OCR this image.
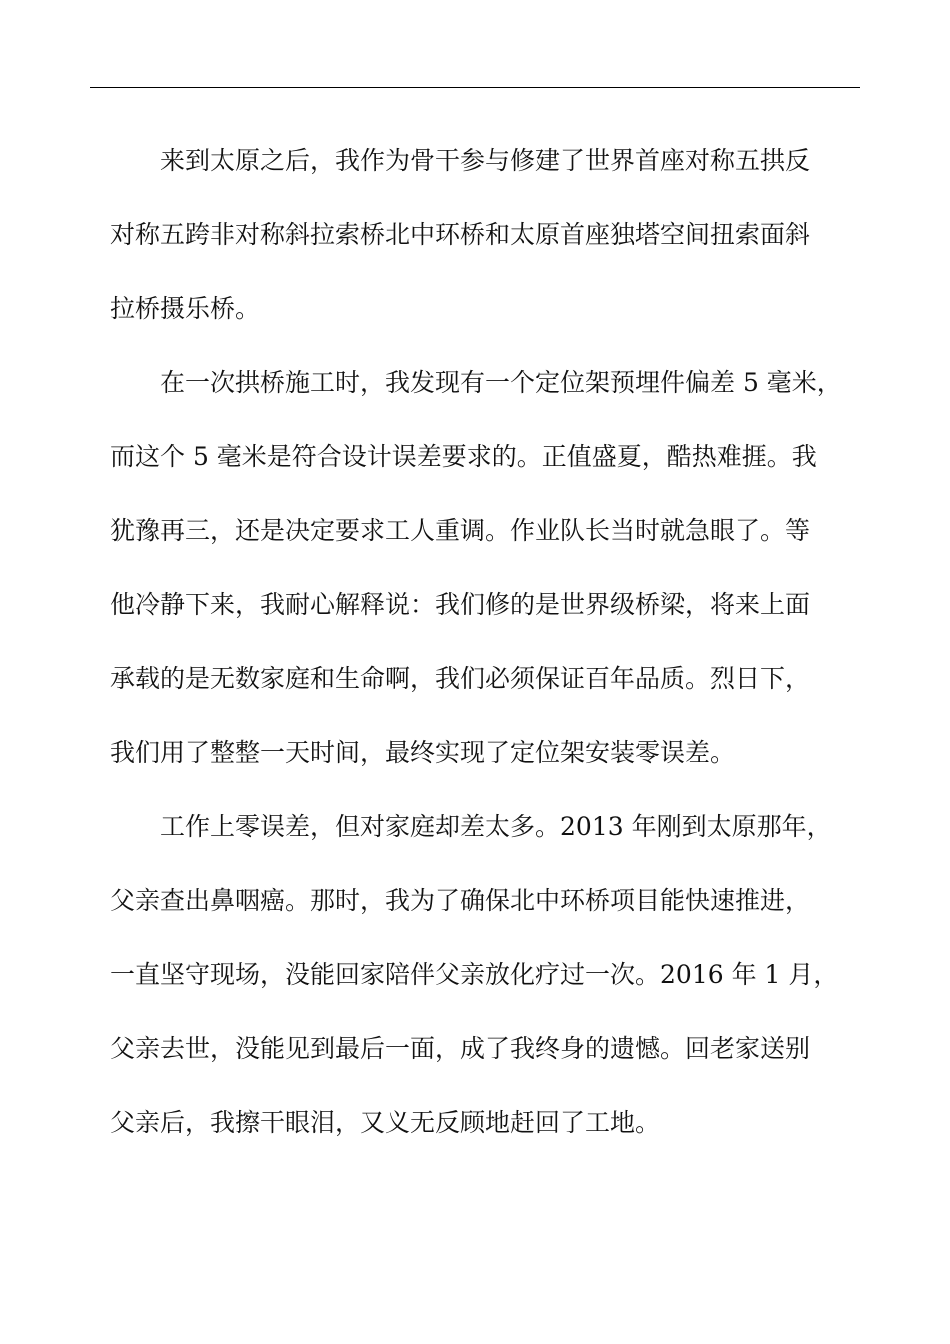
来到太原之后，我作为骨干参与修建了世界首座对称五拱反
对称五跨非对称斜拉索桥北中环桥和太原首座独塔空间扭索面斜
拉桥摄乐桥。
在一次拱桥施工时，我发现有一个定位架预埋件偏差 5 毫米，
而这个 5 毫米是符合设计误差要求的。正值盛夏，酷热难捱。我
犹豫再三，还是决定要求工人重调。作业队长当时就急眼了。等
他冷静下来，我耐心解释说：我们修的是世界级桥梁，将来上面
承载的是无数家庭和生命啊，我们必须保证百年品质。烈日下，
我们用了整整一天时间，最终实现了定位架安装零误差。
工作上零误差，但对家庭却差太多。2013 年刚到太原那年，
父亲查出鼻咽癌。那时，我为了确保北中环桥项目能快速推进，
一直坚守现场，没能回家陪伴父亲放化疗过一次。2016 年 1 月，
父亲去世，没能见到最后一面，成了我终身的遗憾。回老家送别
父亲后，我擦干眼泪，又义无反顾地赶回了工地。
